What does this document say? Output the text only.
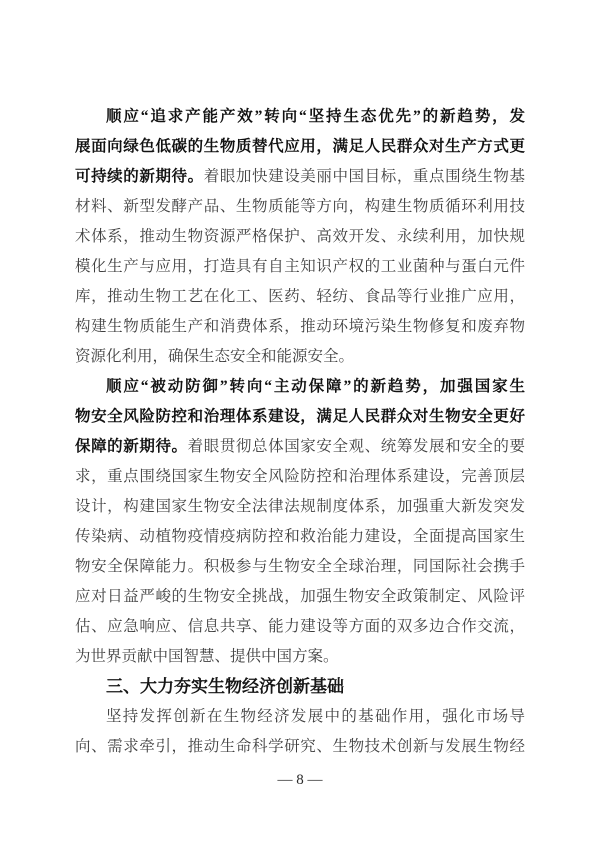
顺应“追求产能产效”转向“坚持生态优先”的新趋势，发
展面向绿色低碳的生物质替代应用，满足人民群众对生产方式更
可持续的新期待。着眼加快建设美丽中国目标，重点围绕生物基
材料、新型发酵产品、生物质能等方向，构建生物质循环利用技
术体系，推动生物资源严格保护、高效开发、永续利用，加快规
模化生产与应用，打造具有自主知识产权的工业菌种与蛋白元件
库，推动生物工艺在化工、医药、轻纺、食品等行业推广应用，
构建生物质能生产和消费体系，推动环境污染生物修复和废弃物
资源化利用，确保生态安全和能源安全。
顺应“被动防御”转向“主动保障”的新趋势，加强国家生
物安全风险防控和治理体系建设，满足人民群众对生物安全更好
保障的新期待。着眼贯彻总体国家安全观、统筹发展和安全的要
求，重点围绕国家生物安全风险防控和治理体系建设，完善顶层
设计，构建国家生物安全法律法规制度体系，加强重大新发突发
传染病、动植物疫情疫病防控和救治能力建设，全面提高国家生
物安全保障能力。积极参与生物安全全球治理，同国际社会携手
应对日益严峻的生物安全挑战，加强生物安全政策制定、风险评
估、应急响应、信息共享、能力建设等方面的双多边合作交流，
为世界贡献中国智慧、提供中国方案。
三、大力夯实生物经济创新基础
坚持发挥创新在生物经济发展中的基础作用，强化市场导
向、需求牵引，推动生命科学研究、生物技术创新与发展生物经
— 8 —
